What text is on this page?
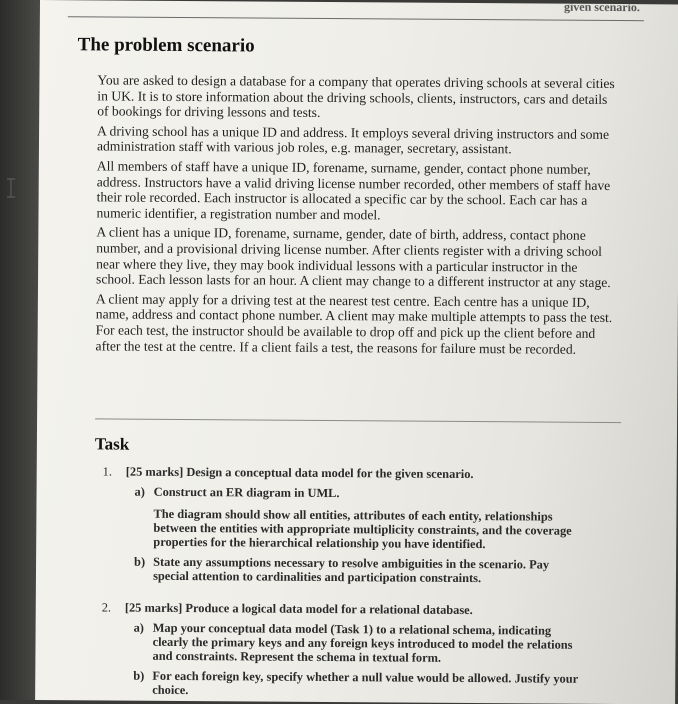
given scenario.
The problem scenario

You are asked to design a database for a company that operates driving schools at several cities in UK. It is to store information about the driving schools, clients, instructors, cars and details of bookings for driving lessons and tests.

A driving school has a unique ID and address. It employs several driving instructors and some administration staff with various job roles, e.g. manager, secretary, assistant.

All members of staff have a unique ID, forename, surname, gender, contact phone number, address. Instructors have a valid driving license number recorded, other members of staff have their role recorded. Each instructor is allocated a specific car by the school. Each car has a numeric identifier, a registration number and model.

A client has a unique ID, forename, surname, gender, date of birth, address, contact phone number, and a provisional driving license number. After clients register with a driving school near where they live, they may book individual lessons with a particular instructor in the school. Each lesson lasts for an hour. A client may change to a different instructor at any stage.

A client may apply for a driving test at the nearest test centre. Each centre has a unique ID, name, address and contact phone number. A client may make multiple attempts to pass the test. For each test, the instructor should be available to drop off and pick up the client before and after the test at the centre. If a client fails a test, the reasons for failure must be recorded.

Task
1. [25 marks] Design a conceptual data model for the given scenario.
a) Construct an ER diagram in UML.
The diagram should show all entities, attributes of each entity, relationships between the entities with appropriate multiplicity constraints, and the coverage properties for the hierarchical relationship you have identified.
b) State any assumptions necessary to resolve ambiguities in the scenario. Pay special attention to cardinalities and participation constraints.
2. [25 marks] Produce a logical data model for a relational database.
a) Map your conceptual data model (Task 1) to a relational schema, indicating clearly the primary keys and any foreign keys introduced to model the relations and constraints. Represent the schema in textual form.
b) For each foreign key, specify whether a null value would be allowed. Justify your choice.
